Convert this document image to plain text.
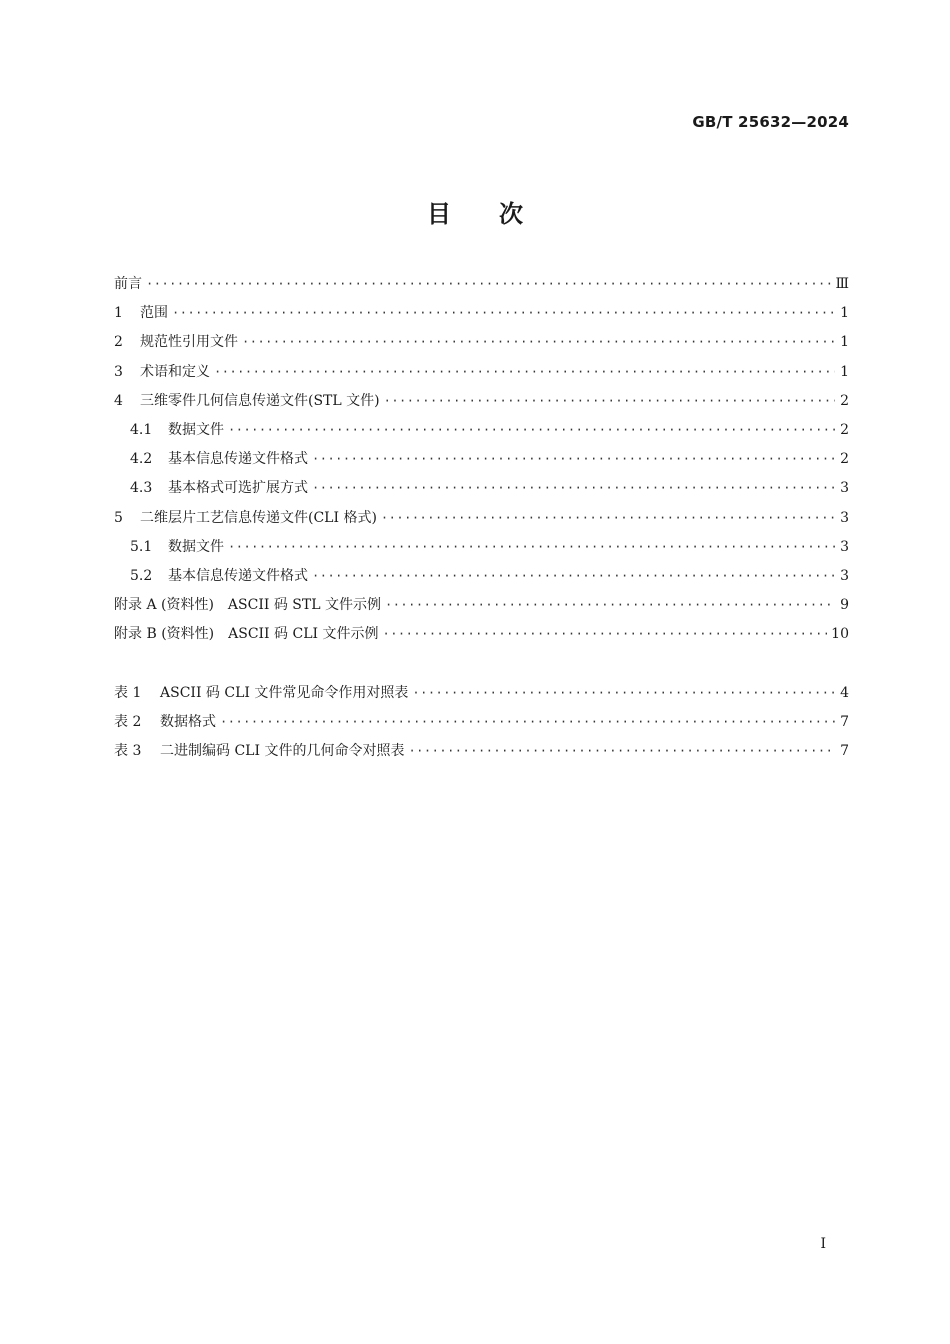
GB/T 25632—2024
目次
前言 ·····	Ⅲ
1	范围 ·····	1
2	规范性引用文件 ·····	1
3	术语和定义 ·····	1
4	三维零件几何信息传递文件(STL 文件) ·····	2
4.1	数据文件 ·····	2
4.2	基本信息传递文件格式 ·····	2
4.3	基本格式可选扩展方式 ·····	3
5	二维层片工艺信息传递文件(CLI 格式) ·····	3
5.1	数据文件 ·····	3
5.2	基本信息传递文件格式 ·····	3
附录 A (资料性)　ASCII 码 STL 文件示例 ·····	9
附录 B (资料性)　ASCII 码 CLI 文件示例 ·····	10
表 1	ASCII 码 CLI 文件常见命令作用对照表 ·····	4
表 2	数据格式 ·····	7
表 3	二进制编码 CLI 文件的几何命令对照表 ·····	7
I
